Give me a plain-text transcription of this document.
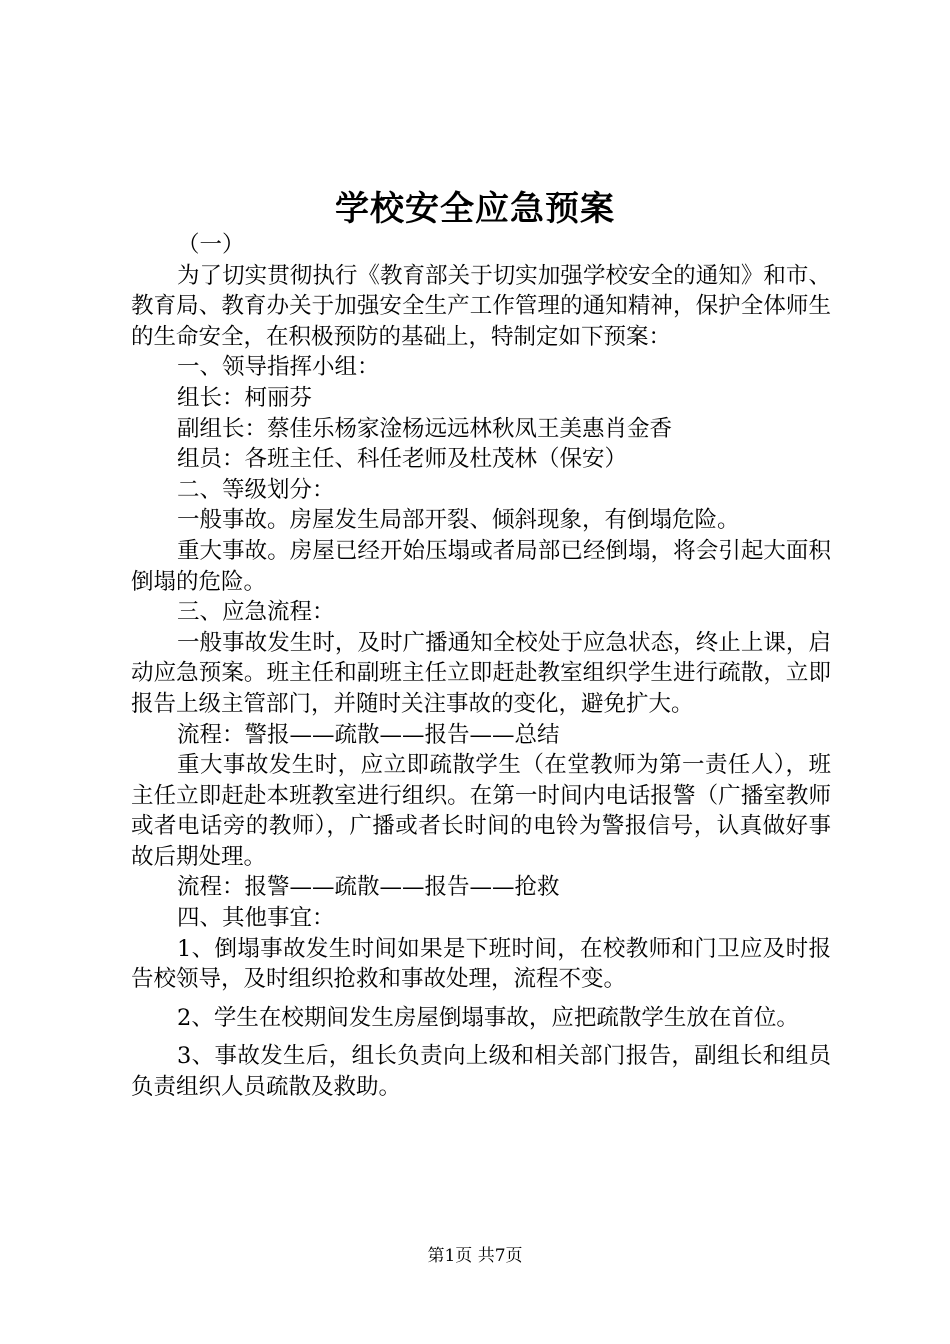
学校安全应急预案

（一）

为了切实贯彻执行《教育部关于切实加强学校安全的通知》和市、教育局、教育办关于加强安全生产工作管理的通知精神，保护全体师生的生命安全，在积极预防的基础上，特制定如下预案：

一、领导指挥小组：

组长：柯丽芬

副组长：蔡佳乐杨家淦杨远远林秋凤王美惠肖金香

组员：各班主任、科任老师及杜茂林（保安）

二、等级划分：

一般事故。房屋发生局部开裂、倾斜现象，有倒塌危险。

重大事故。房屋已经开始压塌或者局部已经倒塌，将会引起大面积倒塌的危险。

三、应急流程：

一般事故发生时，及时广播通知全校处于应急状态，终止上课，启动应急预案。班主任和副班主任立即赶赴教室组织学生进行疏散，立即报告上级主管部门，并随时关注事故的变化，避免扩大。

流程：警报——疏散——报告——总结

重大事故发生时，应立即疏散学生（在堂教师为第一责任人），班主任立即赶赴本班教室进行组织。在第一时间内电话报警（广播室教师或者电话旁的教师），广播或者长时间的电铃为警报信号，认真做好事故后期处理。

流程：报警——疏散——报告——抢救

四、其他事宜：

1、倒塌事故发生时间如果是下班时间，在校教师和门卫应及时报告校领导，及时组织抢救和事故处理，流程不变。

2、学生在校期间发生房屋倒塌事故，应把疏散学生放在首位。

3、事故发生后，组长负责向上级和相关部门报告，副组长和组员负责组织人员疏散及救助。

第1页 共7页
